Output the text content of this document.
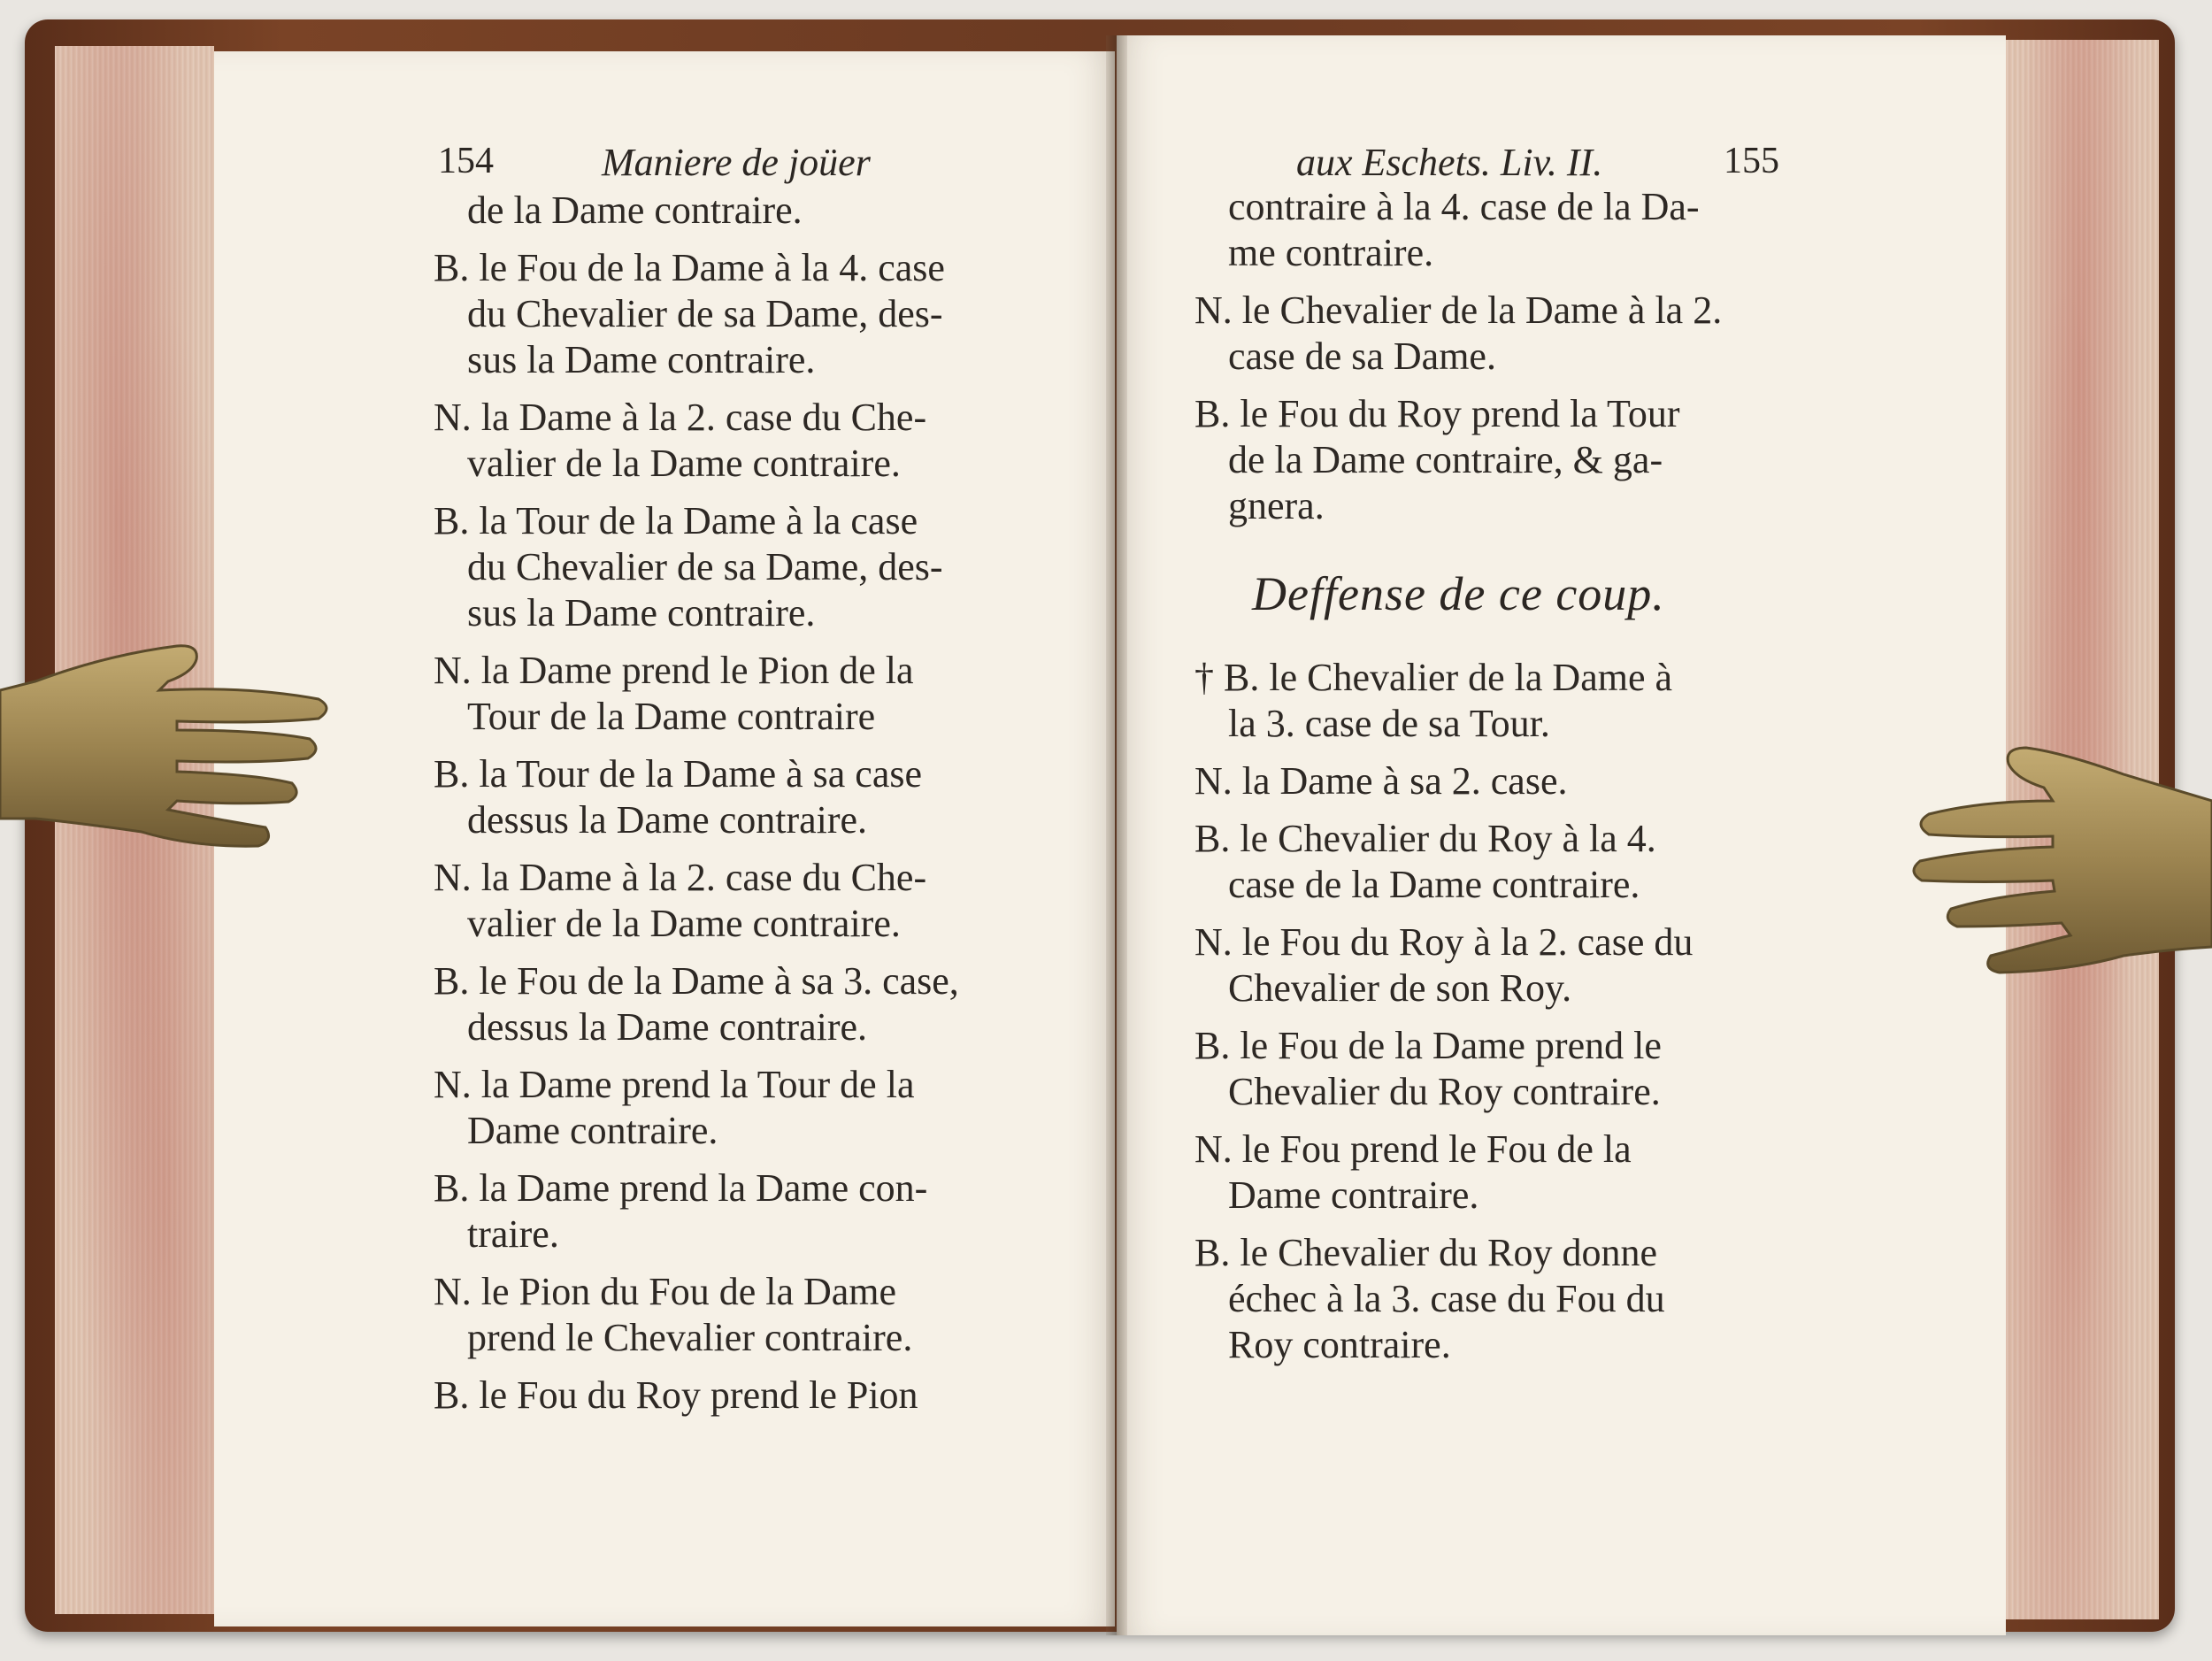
154	Maniere de joüer	aux Eschets. Liv. II.	155
de la Dame contraire.
B. le Fou de la Dame à la 4. case
du Chevalier de sa Dame, des-
sus la Dame contraire.
N. la Dame à la 2. case du Che-
valier de la Dame contraire.
B. la Tour de la Dame à la case
du Chevalier de sa Dame, des-
sus la Dame contraire.
N. la Dame prend le Pion de la
Tour de la Dame contraire
B. la Tour de la Dame à sa case
dessus la Dame contraire.
N. la Dame à la 2. case du Che-
valier de la Dame contraire.
B. le Fou de la Dame à sa 3. case,
dessus la Dame contraire.
N. la Dame prend la Tour de la
Dame contraire.
B. la Dame prend la Dame con-
traire.
N. le Pion du Fou de la Dame
prend le Chevalier contraire.
B. le Fou du Roy prend le Pion
contraire à la 4. case de la Da-
me contraire.
N. le Chevalier de la Dame à la 2.
case de sa Dame.
B. le Fou du Roy prend la Tour
de la Dame contraire, & ga-
gnera.
Deffense de ce coup.
† B. le Chevalier de la Dame à
la 3. case de sa Tour.
N. la Dame à sa 2. case.
B. le Chevalier du Roy à la 4.
case de la Dame contraire.
N. le Fou du Roy à la 2. case du
Chevalier de son Roy.
B. le Fou de la Dame prend le
Chevalier du Roy contraire.
N. le Fou prend le Fou de la
Dame contraire.
B. le Chevalier du Roy donne
échec à la 3. case du Fou du
Roy contraire.
